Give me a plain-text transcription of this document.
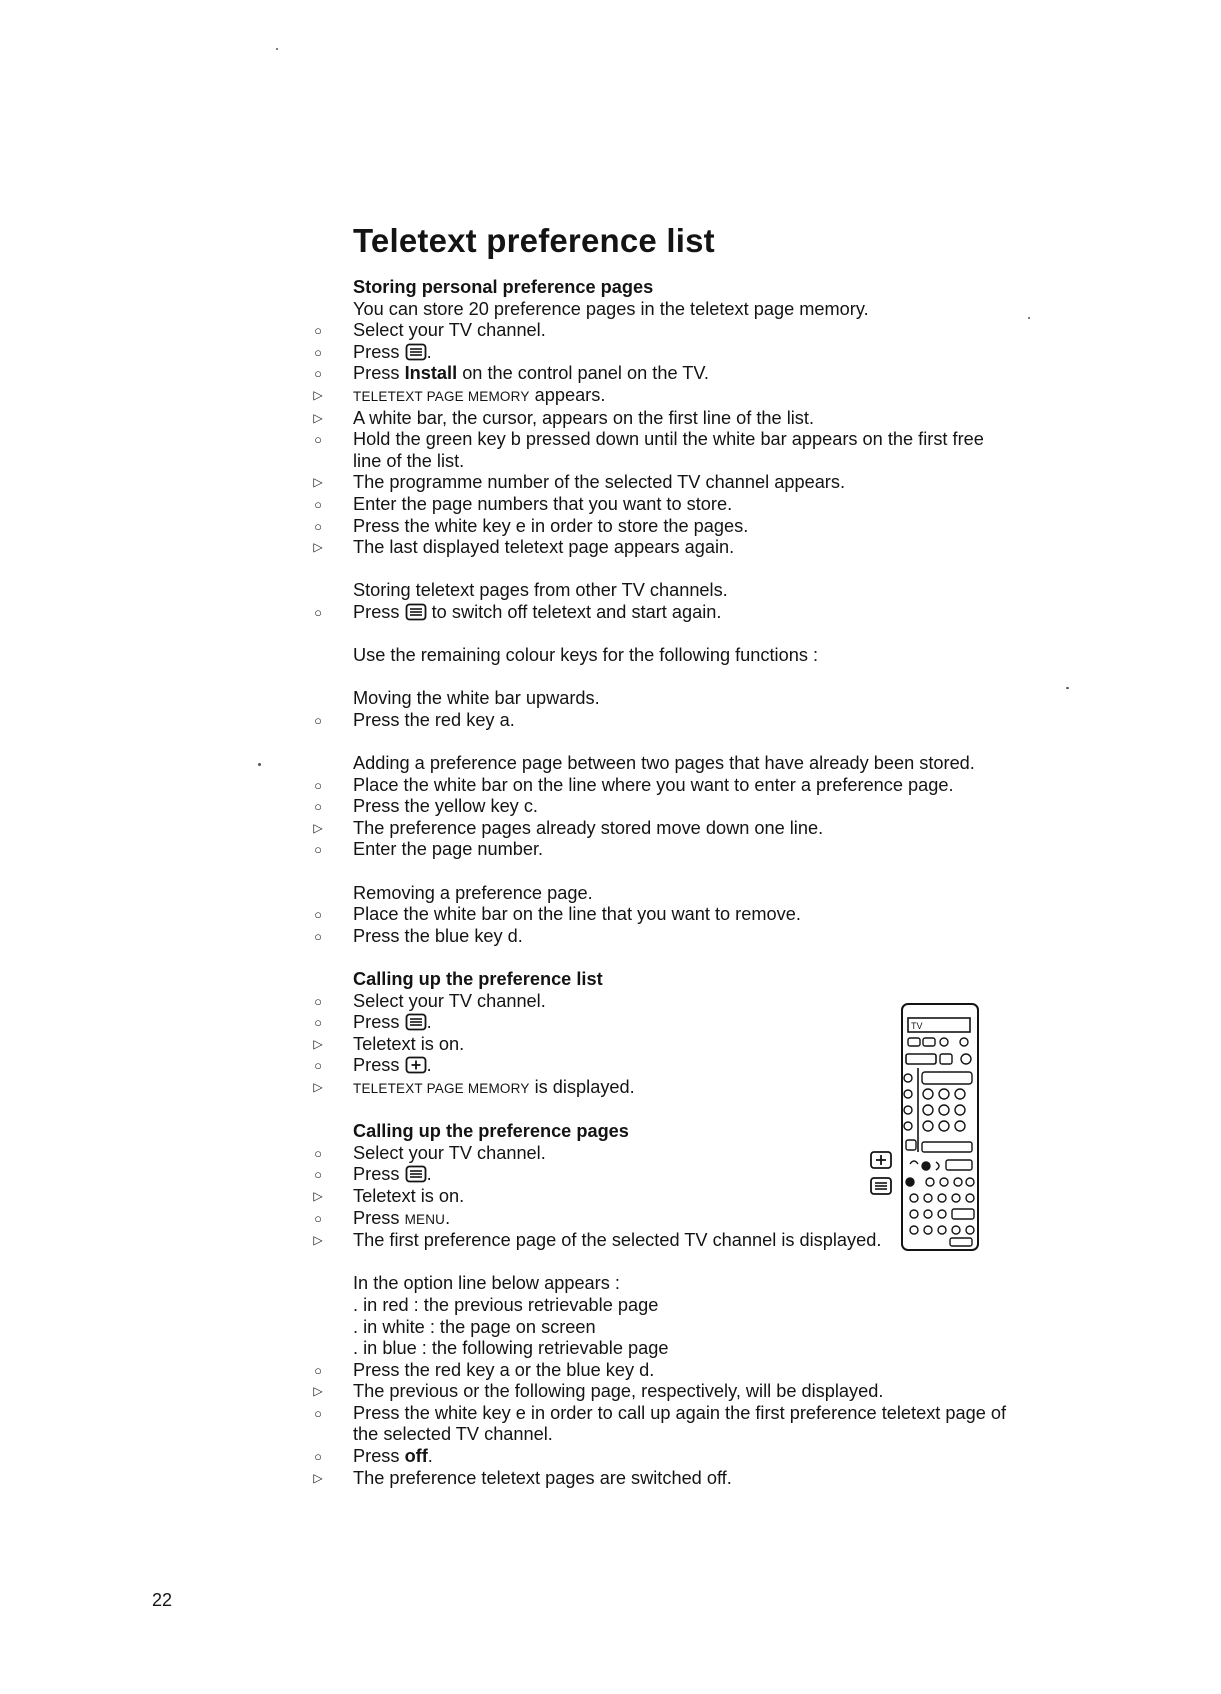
Teletext preference list
Storing personal preference pages
You can store 20 preference pages in the teletext page memory.
○ Select your TV channel.
○ Press .
○ Press Install on the control panel on the TV.
▷	TELETEXT PAGE MEMORY appears.
▷ A white bar, the cursor, appears on the first line of the list.
○ Hold the green key b pressed down until the white bar appears on the first free line of the list.
▷ The programme number of the selected TV channel appears.
○ Enter the page numbers that you want to store.
○ Press the white key e in order to store the pages.
▷ The last displayed teletext page appears again.
Storing teletext pages from other TV channels.
○ Press to switch off teletext and start again.
Use the remaining colour keys for the following functions :
Moving the white bar upwards.
○ Press the red key a.
Adding a preference page between two pages that have already been stored.
○ Place the white bar on the line where you want to enter a preference page.
○ Press the yellow key c.
▷ The preference pages already stored move down one line.
○ Enter the page number.
Removing a preference page.
○ Place the white bar on the line that you want to remove.
○ Press the blue key d.
Calling up the preference list
○ Select your TV channel.
○ Press .
▷ Teletext is on.
○ Press .
▷	TELETEXT PAGE MEMORY is displayed.
Calling up the preference pages
○ Select your TV channel.
○ Press .
▷ Teletext is on.
○ Press MENU.
▷ The first preference page of the selected TV channel is displayed.
In the option line below appears :
. in red : the previous retrievable page
. in white : the page on screen
. in blue : the following retrievable page
○ Press the red key a or the blue key d.
▷ The previous or the following page, respectively, will be displayed.
○ Press the white key e in order to call up again the first preference teletext page of the selected TV channel.
○ Press off.
▷ The preference teletext pages are switched off.
TV
22
